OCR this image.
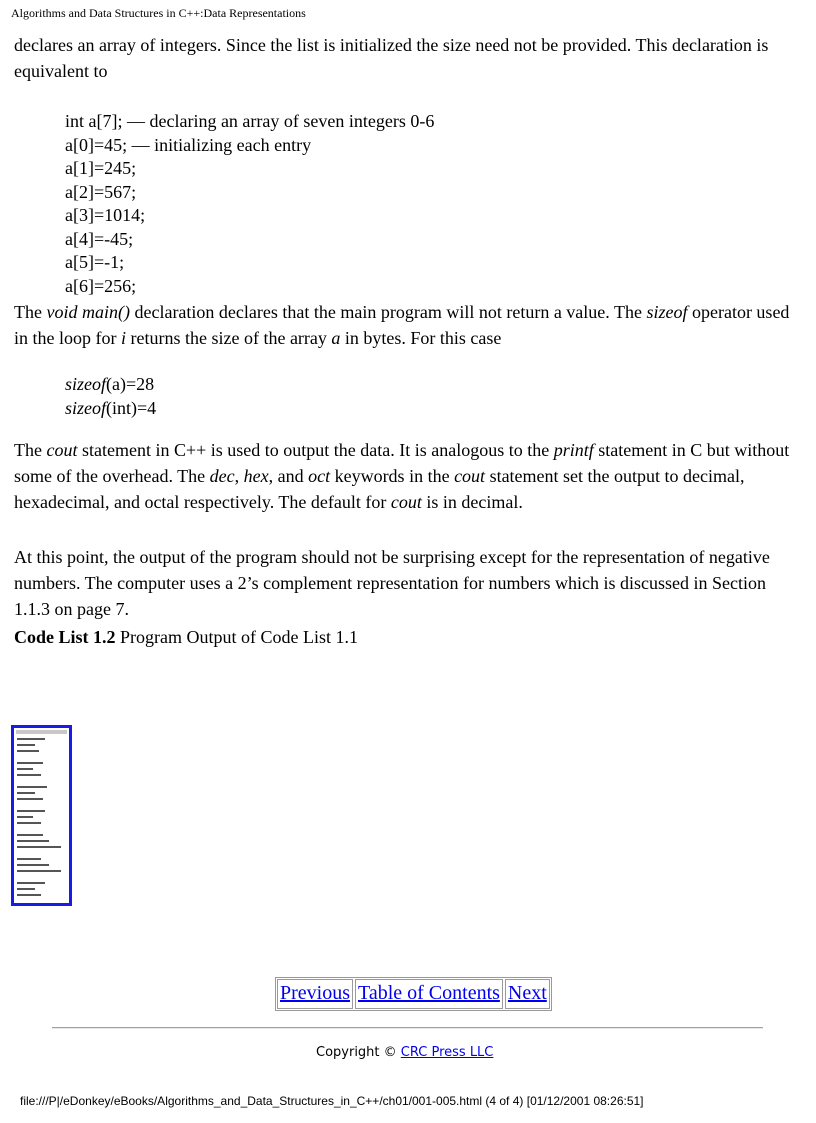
Algorithms and Data Structures in C++:Data Representations

declares an array of integers. Since the list is initialized the size need not be provided. This declaration is equivalent to

int a[7]; — declaring an array of seven integers 0-6
a[0]=45; — initializing each entry
a[1]=245;
a[2]=567;
a[3]=1014;
a[4]=-45;
a[5]=-1;
a[6]=256;

The void main() declaration declares that the main program will not return a value. The sizeof operator used in the loop for i returns the size of the array a in bytes. For this case

sizeof(a)=28
sizeof(int)=4

The cout statement in C++ is used to output the data. It is analogous to the printf statement in C but without some of the overhead. The dec, hex, and oct keywords in the cout statement set the output to decimal, hexadecimal, and octal respectively. The default for cout is in decimal.

At this point, the output of the program should not be surprising except for the representation of negative numbers. The computer uses a 2’s complement representation for numbers which is discussed in Section 1.1.3 on page 7.

Code List 1.2 Program Output of Code List 1.1

Previous Table of Contents Next
Copyright © CRC Press LLC
file:///P|/eDonkey/eBooks/Algorithms_and_Data_Structures_in_C++/ch01/001-005.html (4 of 4) [01/12/2001 08:26:51]
